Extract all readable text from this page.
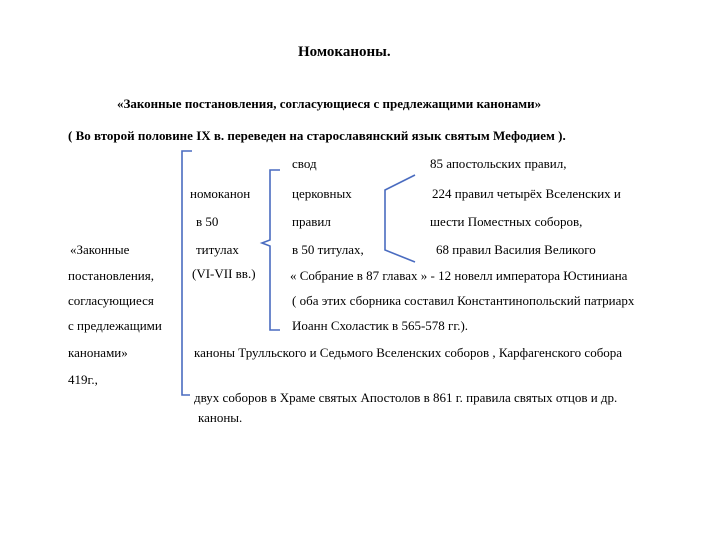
Номоканоны.
«Законные постановления, согласующиеся с предлежащими канонами»
( Во второй половине IX в. переведен на старославянский язык святым Мефодием ).
свод
церковных
правил
в 50 титулах,
85 апостольских правил,
224 правил четырёх Вселенских и
шести Поместных соборов,
68 правил Василия Великого
номоканон
в 50
титулах
(VI-VII вв.)
«Законные
постановления,
согласующиеся
с предлежащими
канонами»
419г.,
« Собрание в 87 главах » - 12 новелл императора Юстиниана
( оба этих сборника составил Константинопольский патриарх
Иоанн Схоластик в 565-578 гг.).
каноны Трулльского и Седьмого Вселенских соборов , Карфагенского собора
двух соборов в Храме святых Апостолов в 861 г. правила святых отцов и др.
каноны.
